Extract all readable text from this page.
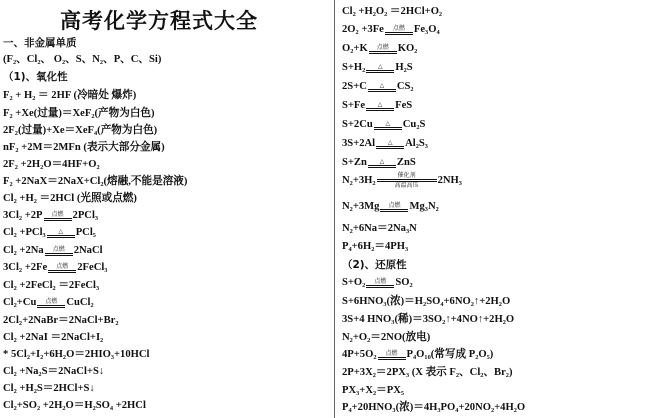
高考化学方程式大全
一、非金属单质
(F₂、Cl₂、 O₂、S、N₂、P、C、Si)
（1)、氧化性
F₂ + H₂ ＝ 2HF (冷暗处 爆炸)
F₂ +Xe(过量)＝XeF₂(产物为白色)
2F₂(过量)+Xe＝XeF₄(产物为白色)
nF₂ +2M＝2MFn (表示大部分金属)
2F₂ +2H₂O＝4HF+O₂
F₂ +2NaX＝2NaX+Cl₂(熔融,不能是溶液)
Cl₂ +H₂ ＝2HCl (光照或点燃)
3Cl₂ +2P	点燃 2PCl₃
Cl₂ +PCl₃	△	PCl₅
Cl₂ +2Na	点燃 2NaCl
3Cl₂ +2Fe	点燃 2FeCl₃
Cl₂ +2FeCl₂ ＝2FeCl₃
Cl₂+Cu	点燃 CuCl₂
2Cl₂+2NaBr＝2NaCl+Br₂
Cl₂ +2NaI ＝2NaCl+I₂
* 5Cl₂+I₂+6H₂O＝2HIO₃+10HCl
Cl₂ +Na₂S＝2NaCl+S↓
Cl₂ +H₂S＝2HCl+S↓
Cl₂+SO₂ +2H₂O＝H₂SO₄ +2HCl
Cl₂ +H₂O₂ ＝2HCl+O₂
2O₂ +3Fe	点燃 Fe₃O₄
O₂+K	点燃 KO₂
S+H₂	△	H₂S
2S+C	△	CS₂
S+Fe	△	FeS
S+2Cu	△	Cu₂S
3S+2Al	△	Al₂S₃
S+Zn	△	ZnS
N₂+3H₂	催化剂
高温高压	2NH₃
N₂+3Mg	点燃 Mg₃N₂
N₂+6Na＝2Na₃N
P₄+6H₂＝4PH₃
（2)、还原性
S+O₂	点燃 SO₂
S+6HNO₃(浓)＝H₂SO₄+6NO₂↑+2H₂O
3S+4 HNO₃(稀)＝3SO₂↑+4NO↑+2H₂O
N₂+O₂＝2NO(放电)
4P+5O₂	点燃 P₄O₁₀(常写成 P₂O₅)
2P+3X₂＝2PX₃ (X 表示 F₂、Cl₂、Br₂)
PX₃+X₂＝PX₅
P₄+20HNO₃(浓)＝4H₃PO₄+20NO₂+4H₂O
